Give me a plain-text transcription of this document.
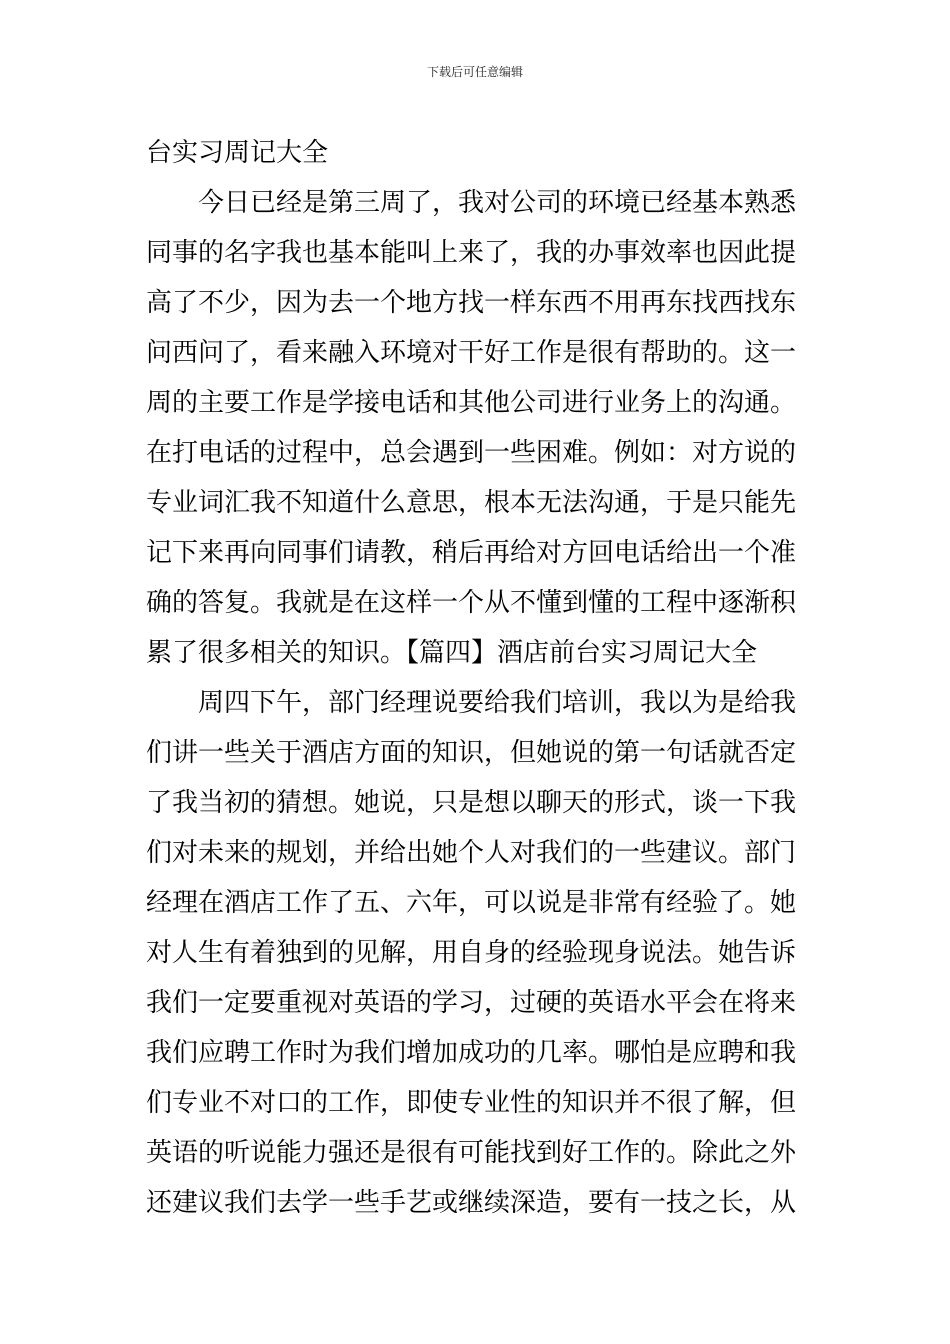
下载后可任意编辑
台实习周记大全
今日已经是第三周了，我对公司的环境已经基本熟悉
同事的名字我也基本能叫上来了，我的办事效率也因此提
高了不少，因为去一个地方找一样东西不用再东找西找东
问西问了，看来融入环境对干好工作是很有帮助的。这一
周的主要工作是学接电话和其他公司进行业务上的沟通。
在打电话的过程中，总会遇到一些困难。例如：对方说的
专业词汇我不知道什么意思，根本无法沟通，于是只能先
记下来再向同事们请教，稍后再给对方回电话给出一个准
确的答复。我就是在这样一个从不懂到懂的工程中逐渐积
累了很多相关的知识。【篇四】酒店前台实习周记大全
周四下午，部门经理说要给我们培训，我以为是给我
们讲一些关于酒店方面的知识，但她说的第一句话就否定
了我当初的猜想。她说，只是想以聊天的形式，谈一下我
们对未来的规划，并给出她个人对我们的一些建议。部门
经理在酒店工作了五、六年，可以说是非常有经验了。她
对人生有着独到的见解，用自身的经验现身说法。她告诉
我们一定要重视对英语的学习，过硬的英语水平会在将来
我们应聘工作时为我们增加成功的几率。哪怕是应聘和我
们专业不对口的工作，即使专业性的知识并不很了解，但
英语的听说能力强还是很有可能找到好工作的。除此之外
还建议我们去学一些手艺或继续深造，要有一技之长，从
